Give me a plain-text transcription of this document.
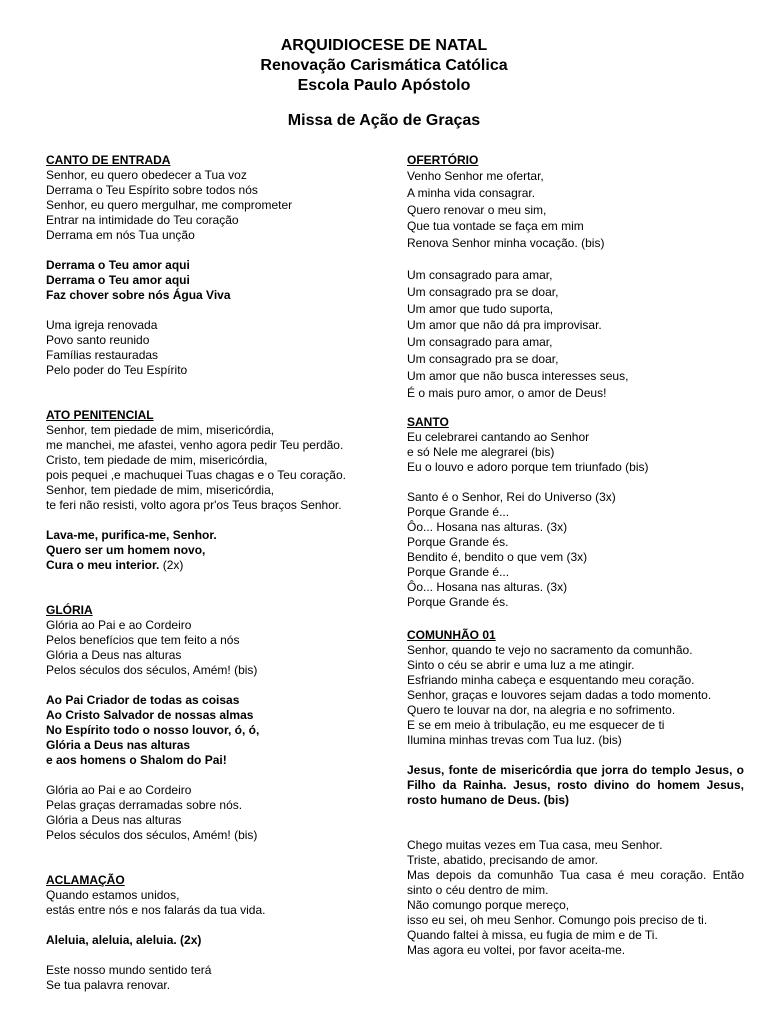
ARQUIDIOCESE DE NATAL
Renovação Carismática Católica
Escola Paulo Apóstolo
Missa de Ação de Graças
CANTO DE ENTRADA
Senhor, eu quero obedecer a Tua voz
Derrama o Teu Espírito sobre todos nós
Senhor, eu quero mergulhar, me comprometer
Entrar na intimidade do Teu coração
Derrama em nós Tua unção
Derrama o Teu amor aqui
Derrama o Teu amor aqui
Faz chover sobre nós Água Viva
Uma igreja renovada
Povo santo reunido
Famílias restauradas
Pelo poder do Teu Espírito
ATO PENITENCIAL
Senhor, tem piedade de mim, misericórdia,
me manchei, me afastei, venho agora pedir Teu perdão.
Cristo, tem piedade de mim, misericórdia,
pois pequei ,e machuquei Tuas chagas e o Teu coração.
Senhor, tem piedade de mim, misericórdia,
te feri não resisti, volto agora pr'os Teus braços Senhor.
Lava-me, purifica-me, Senhor.
Quero ser um homem novo,
Cura o meu interior. (2x)
GLÓRIA
Glória ao Pai e ao Cordeiro
Pelos benefícios que tem feito a nós
Glória a Deus nas alturas
Pelos séculos dos séculos, Amém! (bis)
Ao Pai Criador de todas as coisas
Ao Cristo Salvador de nossas almas
No Espírito todo o nosso louvor, ó, ó,
Glória a Deus nas alturas
e aos homens o Shalom do Pai!
Glória ao Pai e ao Cordeiro
Pelas graças derramadas sobre nós.
Glória a Deus nas alturas
Pelos séculos dos séculos, Amém! (bis)
ACLAMAÇÃO
Quando estamos unidos,
estás entre nós e nos falarás da tua vida.
Aleluia, aleluia, aleluia. (2x)
Este nosso mundo sentido terá
Se tua palavra renovar.
OFERTÓRIO
Venho Senhor me ofertar,
A minha vida consagrar.
Quero renovar o meu sim,
Que tua vontade se faça em mim
Renova Senhor minha vocação. (bis)
Um consagrado para amar,
Um consagrado pra se doar,
Um amor que tudo suporta,
Um amor que não dá pra improvisar.
Um consagrado para amar,
Um consagrado pra se doar,
Um amor que não busca interesses seus,
É o mais puro amor, o amor de Deus!
SANTO
Eu celebrarei cantando ao Senhor
e só Nele me alegrarei (bis)
Eu o louvo e adoro porque tem triunfado (bis)
Santo é o Senhor, Rei do Universo (3x)
Porque Grande é...
Ôo... Hosana nas alturas. (3x)
Porque Grande és.
Bendito é, bendito o que vem (3x)
Porque Grande é...
Ôo... Hosana nas alturas. (3x)
Porque Grande és.
COMUNHÃO 01
Senhor, quando te vejo no sacramento da comunhão.
Sinto o céu se abrir e uma luz a me atingir.
Esfriando minha cabeça e esquentando meu coração.
Senhor, graças e louvores sejam dadas a todo momento.
Quero te louvar na dor, na alegria e no sofrimento.
E se em meio à tribulação, eu me esquecer de ti
Ilumina minhas trevas com Tua luz. (bis)
Jesus, fonte de misericórdia que jorra do templo Jesus, o Filho da Rainha. Jesus, rosto divino do homem Jesus, rosto humano de Deus. (bis)
Chego muitas vezes em Tua casa, meu Senhor.
Triste, abatido, precisando de amor.
Mas depois da comunhão Tua casa é meu coração. Então sinto o céu dentro de mim.
Não comungo porque mereço,
isso eu sei, oh meu Senhor. Comungo pois preciso de ti.
Quando faltei à missa, eu fugia de mim e de Ti.
Mas agora eu voltei, por favor aceita-me.
